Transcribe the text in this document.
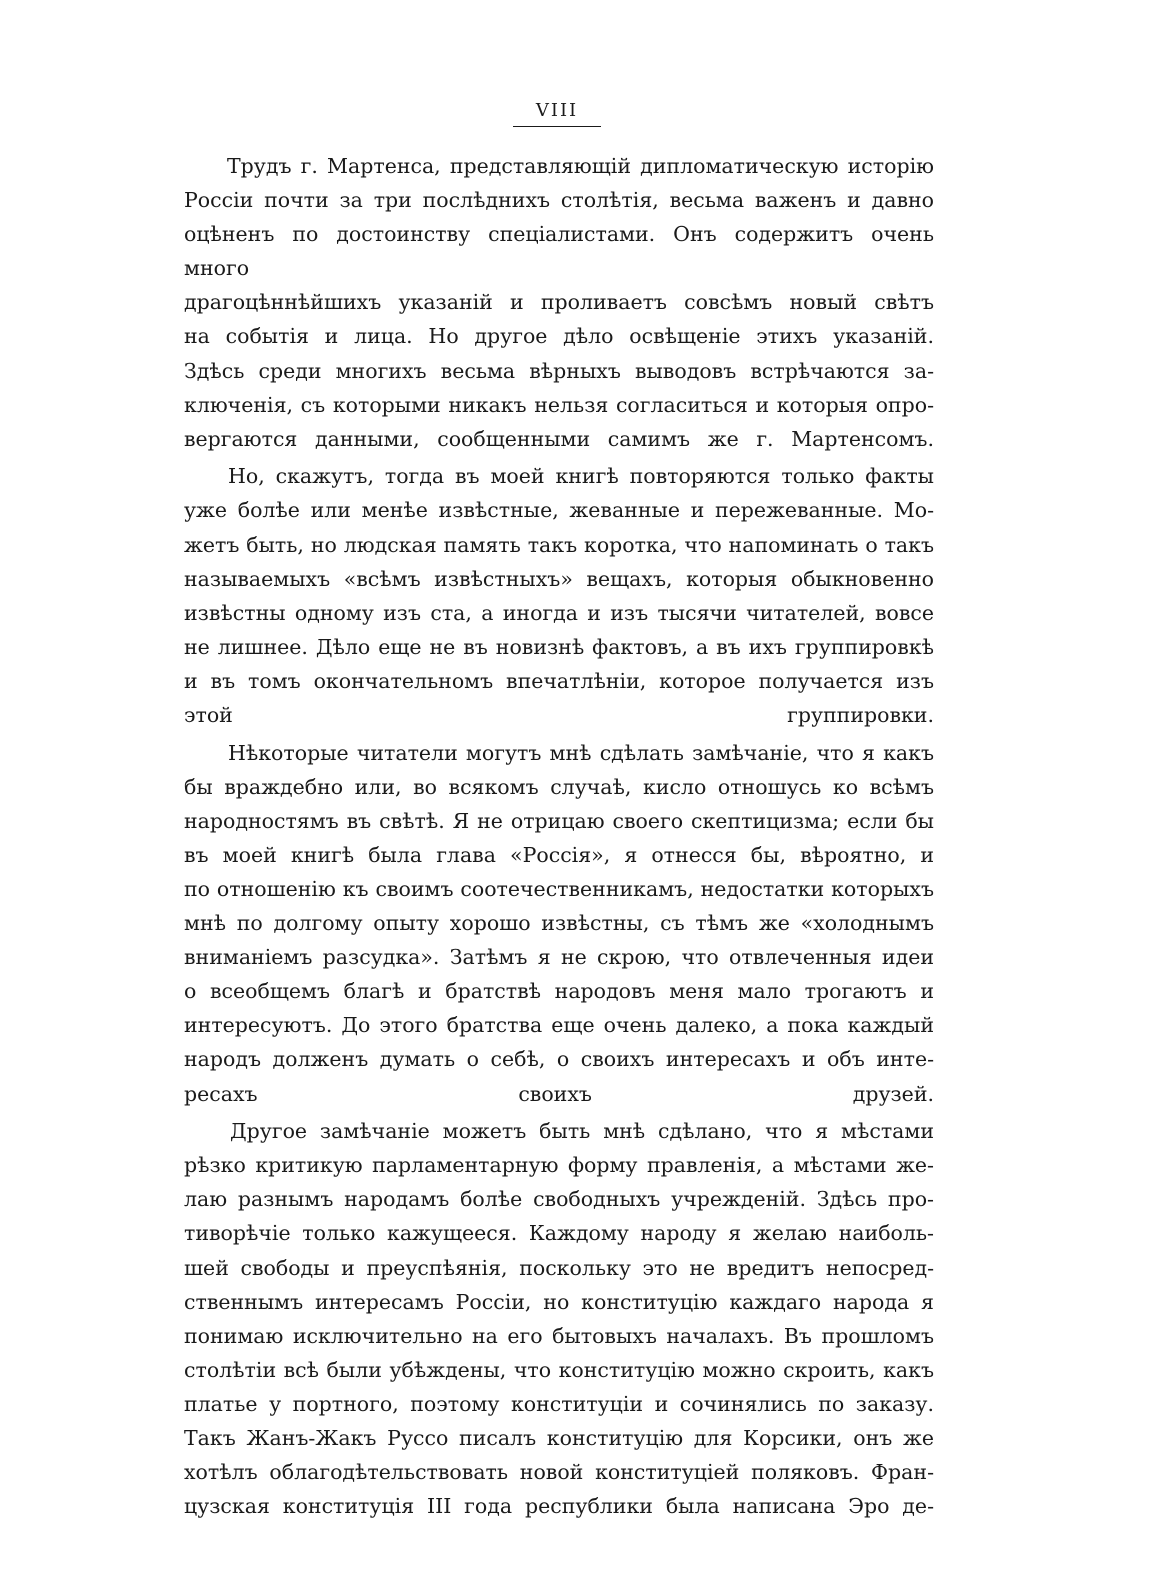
VIII

Трудъ г. Мартенса, представляющій дипломатическую исторію
Россіи почти за три послѣднихъ столѣтія, весьма важенъ и давно
оцѣненъ по достоинству спеціалистами. Онъ содержитъ очень много
драгоцѣннѣйшихъ указаній и проливаетъ совсѣмъ новый свѣтъ
на событія и лица. Но другое дѣло освѣщеніе этихъ указаній.
Здѣсь среди многихъ весьма вѣрныхъ выводовъ встрѣчаются за-
ключенія, съ которыми никакъ нельзя согласиться и которыя опро-
вергаются данными, сообщенными самимъ же г. Мартенсомъ.

Но, скажутъ, тогда въ моей книгѣ повторяются только факты
уже болѣе или менѣе извѣстные, жеванные и пережеванные. Мо-
жетъ быть, но людская память такъ коротка, что напоминать о такъ
называемыхъ «всѣмъ извѣстныхъ» вещахъ, которыя обыкновенно
извѣстны одному изъ ста, а иногда и изъ тысячи читателей, вовсе
не лишнее. Дѣло еще не въ новизнѣ фактовъ, а въ ихъ группировкѣ
и въ томъ окончательномъ впечатлѣніи, которое получается изъ
этой группировки.

Нѣкоторые читатели могутъ мнѣ сдѣлать замѣчаніе, что я какъ
бы враждебно или, во всякомъ случаѣ, кисло отношусь ко всѣмъ
народностямъ въ свѣтѣ. Я не отрицаю своего скептицизма; если бы
въ моей книгѣ была глава «Россія», я отнесся бы, вѣроятно, и
по отношенію къ своимъ соотечественникамъ, недостатки которыхъ
мнѣ по долгому опыту хорошо извѣстны, съ тѣмъ же «холоднымъ
вниманіемъ разсудка». Затѣмъ я не скрою, что отвлеченныя идеи
о всеобщемъ благѣ и братствѣ народовъ меня мало трогаютъ и
интересуютъ. До этого братства еще очень далеко, а пока каждый
народъ долженъ думать о себѣ, о своихъ интересахъ и объ инте-
ресахъ своихъ друзей.

Другое замѣчаніе можетъ быть мнѣ сдѣлано, что я мѣстами
рѣзко критикую парламентарную форму правленія, а мѣстами же-
лаю разнымъ народамъ болѣе свободныхъ учрежденій. Здѣсь про-
тиворѣчіе только кажущееся. Каждому народу я желаю наиболь-
шей свободы и преуспѣянія, поскольку это не вредитъ непосред-
ственнымъ интересамъ Россіи, но конституцію каждаго народа я
понимаю исключительно на его бытовыхъ началахъ. Въ прошломъ
столѣтіи всѣ были убѣждены, что конституцію можно скроить, какъ
платье у портного, поэтому конституціи и сочинялись по заказу.
Такъ Жанъ-Жакъ Руссо писалъ конституцію для Корсики, онъ же
хотѣлъ облагодѣтельствовать новой конституціей поляковъ. Фран-
цузская конституція III года республики была написана Эро де-
